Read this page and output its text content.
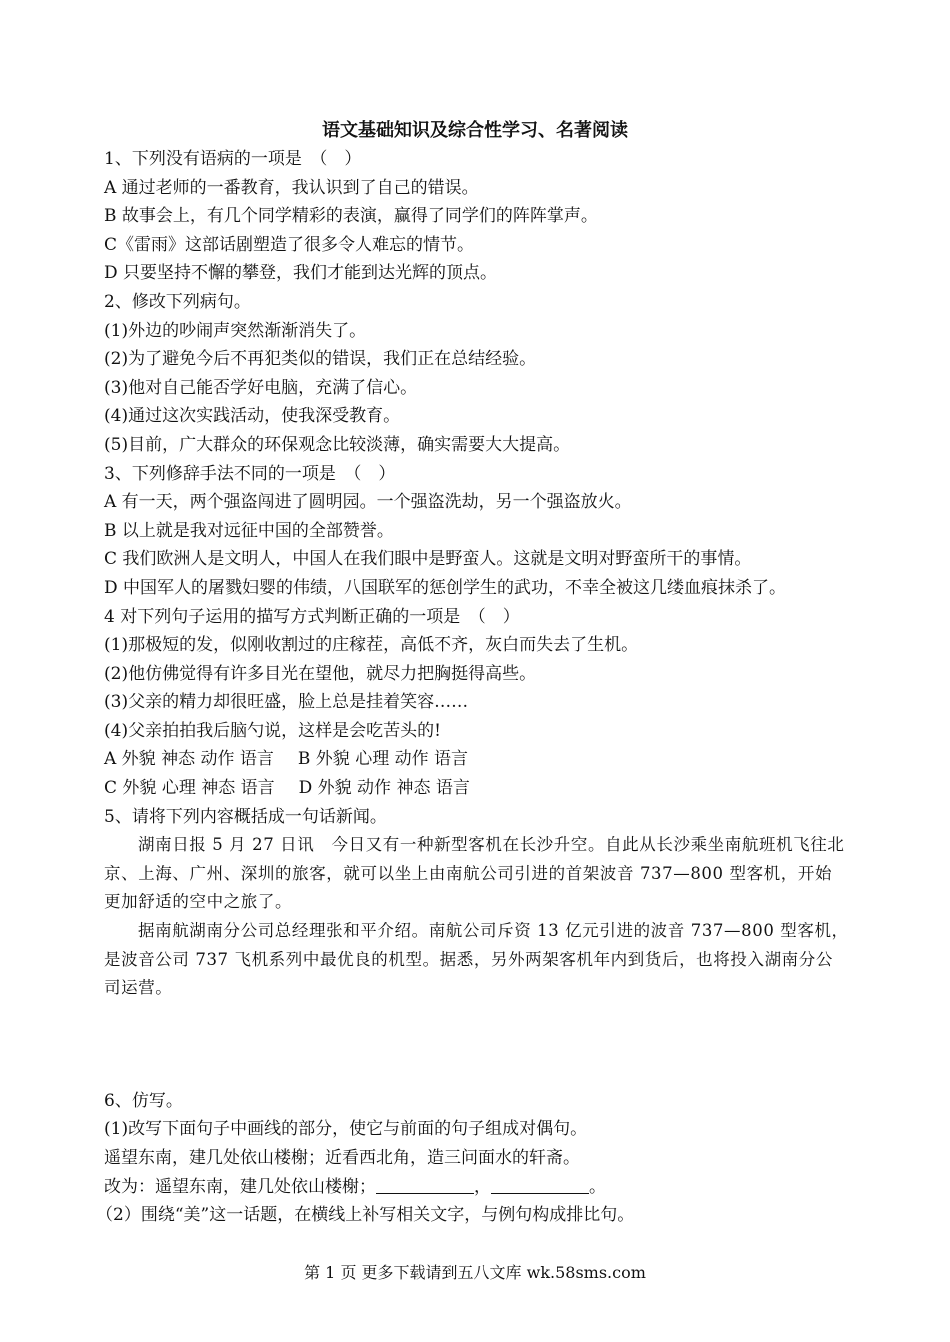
语文基础知识及综合性学习、名著阅读
1、下列没有语病的一项是　（　）
A 通过老师的一番教育，我认识到了自己的错误。
B 故事会上，有几个同学精彩的表演，赢得了同学们的阵阵掌声。
C《雷雨》这部话剧塑造了很多令人难忘的情节。
D 只要坚持不懈的攀登，我们才能到达光辉的顶点。
2、修改下列病句。
(1)外边的吵闹声突然渐渐消失了。
(2)为了避免今后不再犯类似的错误，我们正在总结经验。
(3)他对自己能否学好电脑，充满了信心。
(4)通过这次实践活动，使我深受教育。
(5)目前，广大群众的环保观念比较淡薄，确实需要大大提高。
3、下列修辞手法不同的一项是　（　）
A 有一天，两个强盗闯进了圆明园。一个强盗洗劫，另一个强盗放火。
B 以上就是我对远征中国的全部赞誉。
C 我们欧洲人是文明人，中国人在我们眼中是野蛮人。这就是文明对野蛮所干的事情。
D 中国军人的屠戮妇婴的伟绩，八国联军的惩创学生的武功，不幸全被这几缕血痕抹杀了。
4 对下列句子运用的描写方式判断正确的一项是　（　）
(1)那极短的发，似刚收割过的庄稼茬，高低不齐，灰白而失去了生机。
(2)他仿佛觉得有许多目光在望他，就尽力把胸挺得高些。
(3)父亲的精力却很旺盛，脸上总是挂着笑容……
(4)父亲拍拍我后脑勺说，这样是会吃苦头的!
A 外貌 神态 动作 语言 B 外貌 心理 动作 语言
C 外貌 心理 神态 语言 D 外貌 动作 神态 语言
5、请将下列内容概括成一句话新闻。
湖南日报 5 月 27 日讯　今日又有一种新型客机在长沙升空。自此从长沙乘坐南航班机飞往北京、上海、广州、深圳的旅客，就可以坐上由南航公司引进的首架波音 737—800 型客机，开始更加舒适的空中之旅了。
据南航湖南分公司总经理张和平介绍。南航公司斥资 13 亿元引进的波音 737—800 型客机，是波音公司 737 飞机系列中最优良的机型。据悉，另外两架客机年内到货后，也将投入湖南分公司运营。
6、仿写。
(1)改写下面句子中画线的部分，使它与前面的句子组成对偶句。
遥望东南，建几处依山楼榭；近看西北角，造三问面水的轩斋。
改为：遥望东南，建几处依山楼榭；	，	。
（2）围绕“美”这一话题，在横线上补写相关文字，与例句构成排比句。
第 1 页 更多下载请到五八文库 wk.58sms.com
